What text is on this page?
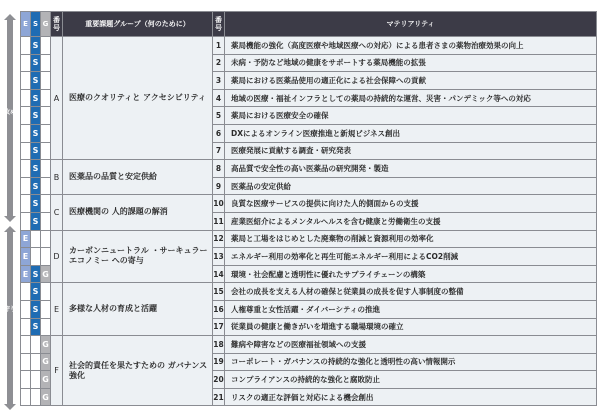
攻め
守り
E	S	G	番号	重要課題グループ（何のために）	番号	マテリアリティ
	S		A	医療のクオリティと アクセシビリティ	1	薬局機能の強化（高度医療や地域医療への対応）による患者さまの薬物治療効果の向上
	S				2	未病・予防など地域の健康をサポートする薬局機能の拡張
	S				3	薬局における医薬品使用の適正化による社会保障への貢献
	S				4	地域の医療・福祉インフラとしての薬局の持続的な運営、災害・パンデミック等への対応
	S				5	薬局における医療安全の確保
	S				6	DXによるオンライン医療推進と新規ビジネス創出
	S				7	医療発展に貢献する調査・研究発表
	S		B	医薬品の品質と安定供給	8	高品質で安全性の高い医薬品の研究開発・製造
	S				9	医薬品の安定供給
	S		C	医療機関の 人的課題の解消	10	良質な医療サービスの提供に向けた人的側面からの支援
	S				11	産業医紹介によるメンタルヘルスを含む健康と労働衛生の支援
E			D	カーボンニュートラル ・サーキュラーエコノミー への寄与	12	薬局と工場をはじめとした廃棄物の削減と資源利用の効率化
E					13	エネルギー利用の効率化と再生可能エネルギー利用によるCO2削減
E	S	G			14	環境・社会配慮と透明性に優れたサプライチェーンの構築
	S		E	多様な人材の育成と活躍	15	会社の成長を支える人材の確保と従業員の成長を促す人事制度の整備
	S				16	人権尊重と女性活躍・ダイバーシティの推進
	S				17	従業員の健康と働きがいを増進する職場環境の確立
		G	F	社会的責任を果たすための ガバナンス強化	18	難病や障害などの医療福祉領域への支援
		G			19	コーポレート・ガバナンスの持続的な強化と透明性の高い情報開示
		G			20	コンプライアンスの持続的な強化と腐敗防止
		G			21	リスクの適正な評価と対応による機会創出
